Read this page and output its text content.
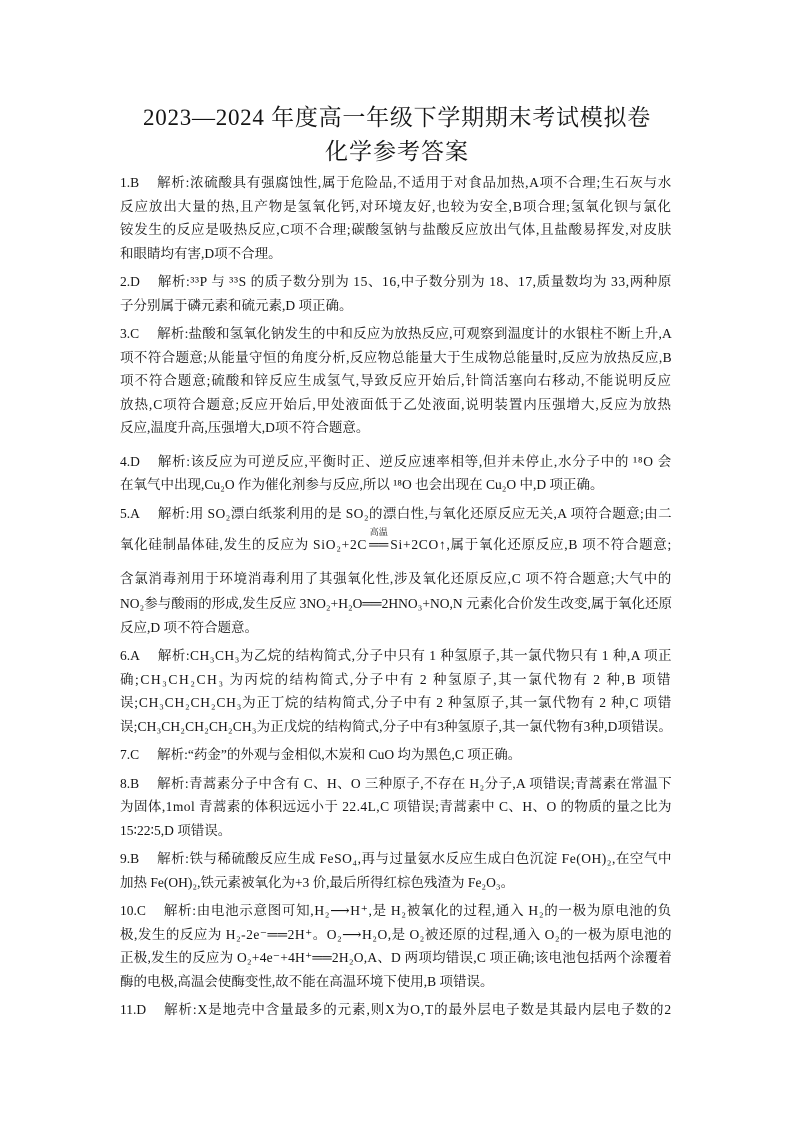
2023—2024 年度高一年级下学期期末考试模拟卷
化学参考答案
1.B 解析:浓硫酸具有强腐蚀性,属于危险品,不适用于对食品加热,A项不合理;生石灰与水
反应放出大量的热,且产物是氢氧化钙,对环境友好,也较为安全,B项合理;氢氧化钡与氯化
铵发生的反应是吸热反应,C项不合理;碳酸氢钠与盐酸反应放出气体,且盐酸易挥发,对皮肤
和眼睛均有害,D项不合理。
2.D 解析:³³P 与 ³³S 的质子数分别为 15、16,中子数分别为 18、17,质量数均为 33,两种原
子分别属于磷元素和硫元素,D 项正确。
3.C 解析:盐酸和氢氧化钠发生的中和反应为放热反应,可观察到温度计的水银柱不断上升,A
项不符合题意;从能量守恒的角度分析,反应物总能量大于生成物总能量时,反应为放热反应,B
项不符合题意;硫酸和锌反应生成氢气,导致反应开始后,针筒活塞向右移动,不能说明反应
放热,C项符合题意;反应开始后,甲处液面低于乙处液面,说明装置内压强增大,反应为放热
反应,温度升高,压强增大,D项不符合题意。
4.D 解析:该反应为可逆反应,平衡时正、逆反应速率相等,但并未停止,水分子中的 ¹⁸O 会
在氧气中出现,Cu₂O 作为催化剂参与反应,所以 ¹⁸O 也会出现在 Cu₂O 中,D 项正确。
5.A 解析:用 SO₂漂白纸浆利用的是 SO₂的漂白性,与氧化还原反应无关,A 项符合题意;由二
氧化硅制晶体硅,发生的反应为 SiO₂+2C
高温
══ Si+2CO↑,属于氧化还原反应,B 项不符合题意;
含氯消毒剂用于环境消毒利用了其强氧化性,涉及氧化还原反应,C 项不符合题意;大气中的
NO₂参与酸雨的形成,发生反应 3NO₂+H₂O══2HNO₃+NO,N 元素化合价发生改变,属于氧化还原
反应,D 项不符合题意。
6.A 解析:CH₃CH₃为乙烷的结构简式,分子中只有 1 种氢原子,其一氯代物只有 1 种,A 项正
确;CH₃CH₂CH₃ 为丙烷的结构简式,分子中有 2 种氢原子,其一氯代物有 2 种,B 项错
误;CH₃CH₂CH₂CH₃为正丁烷的结构简式,分子中有 2 种氢原子,其一氯代物有 2 种,C 项错
误;CH₃CH₂CH₂CH₂CH₃为正戊烷的结构简式,分子中有3种氢原子,其一氯代物有3种,D项错误。
7.C 解析:“药金”的外观与金相似,木炭和 CuO 均为黑色,C 项正确。
8.B 解析:青蒿素分子中含有 C、H、O 三种原子,不存在 H₂分子,A 项错误;青蒿素在常温下
为固体,1mol 青蒿素的体积远远小于 22.4L,C 项错误;青蒿素中 C、H、O 的物质的量之比为
15∶22∶5,D 项错误。
9.B 解析:铁与稀硫酸反应生成 FeSO₄,再与过量氨水反应生成白色沉淀 Fe(OH)₂,在空气中
加热 Fe(OH)₂,铁元素被氧化为+3 价,最后所得红棕色残渣为 Fe₂O₃。
10.C 解析:由电池示意图可知,H₂⟶H⁺,是 H₂被氧化的过程,通入 H₂的一极为原电池的负
极,发生的反应为 H₂-2e⁻══2H⁺。O₂⟶H₂O,是 O₂被还原的过程,通入 O₂的一极为原电池的
正极,发生的反应为 O₂+4e⁻+4H⁺══2H₂O,A、D 两项均错误,C 项正确;该电池包括两个涂覆着
酶的电极,高温会使酶变性,故不能在高温环境下使用,B 项错误。
11.D 解析:X是地壳中含量最多的元素,则X为O,T的最外层电子数是其最内层电子数的2
